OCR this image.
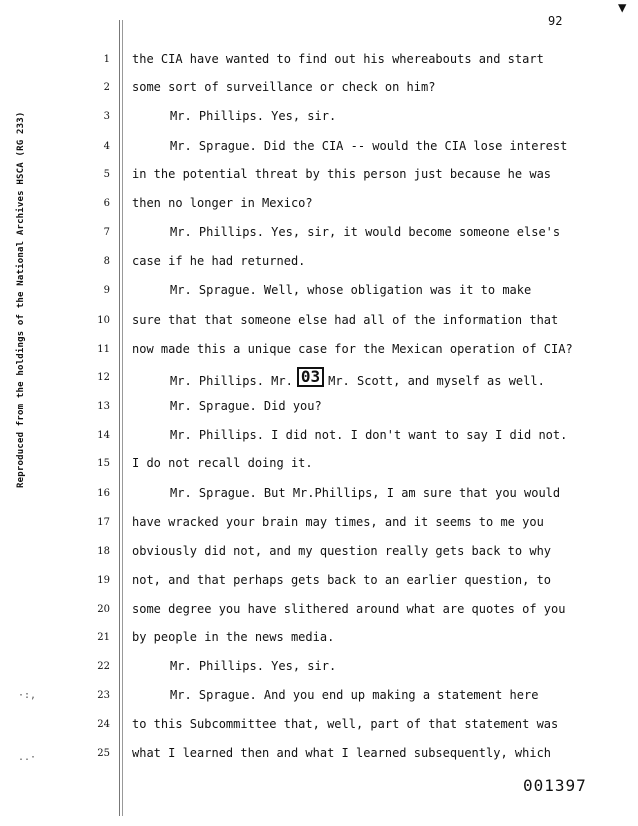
▼
92
Reproduced from the holdings of the National Archives HSCA (RG 233)
1 the CIA have wanted to find out his whereabouts and start
2 some sort of surveillance or check on him?
3	Mr. Phillips. Yes, sir.
4	Mr. Sprague. Did the CIA -- would the CIA lose interest
5 in the potential threat by this person just because he was
6 then no longer in Mexico?
7	Mr. Phillips. Yes, sir, it would become someone else's
8 case if he had returned.
9	Mr. Sprague. Well, whose obligation was it to make
10 sure that that someone else had all of the information that
11 now made this a unique case for the Mexican operation of CIA?
12	Mr. Phillips. Mr. 03 Mr. Scott, and myself as well.
13	Mr. Sprague. Did you?
14	Mr. Phillips. I did not. I don't want to say I did not.
15 I do not recall doing it.
16	Mr. Sprague. But Mr.Phillips, I am sure that you would
17 have wracked your brain may times, and it seems to me you
18 obviously did not, and my question really gets back to why
19 not, and that perhaps gets back to an earlier question, to
20 some degree you have slithered around what are quotes of you
21 by people in the news media.
22	Mr. Phillips. Yes, sir.
23	Mr. Sprague. And you end up making a statement here
24 to this Subcommittee that, well, part of that statement was
25 what I learned then and what I learned subsequently, which
·:,
..·
001397
